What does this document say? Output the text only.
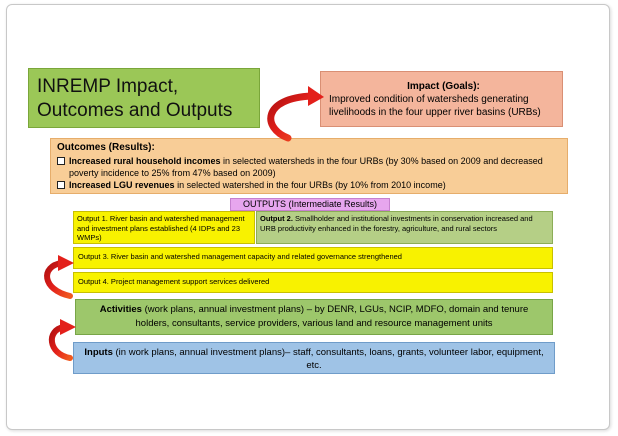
INREMP Impact,
Outcomes and Outputs
Impact (Goals):
Improved condition of watersheds generating livelihoods in the four upper river basins (URBs)
Outcomes (Results):
Increased rural household incomes in selected watersheds in the four URBs (by 30% based on 2009 and decreased poverty incidence to 25% from 47% based on 2009)
Increased LGU revenues in selected watershed in the four URBs (by 10% from 2010 income)
OUTPUTS (Intermediate Results)
Output 1. River basin and watershed management and investment plans established (4 IDPs and 23 WMPs)
Output 2. Smallholder and institutional investments in conservation increased and URB productivity enhanced in the forestry, agriculture, and rural sectors
Output 3. River basin and watershed management capacity and related governance strengthened
Output 4. Project management support services delivered
Activities (work plans, annual investment plans) – by DENR, LGUs, NCIP, MDFO, domain and tenure holders, consultants, service providers, various land and resource management units
Inputs (in work plans, annual investment plans)– staff, consultants, loans, grants, volunteer labor, equipment, etc.
